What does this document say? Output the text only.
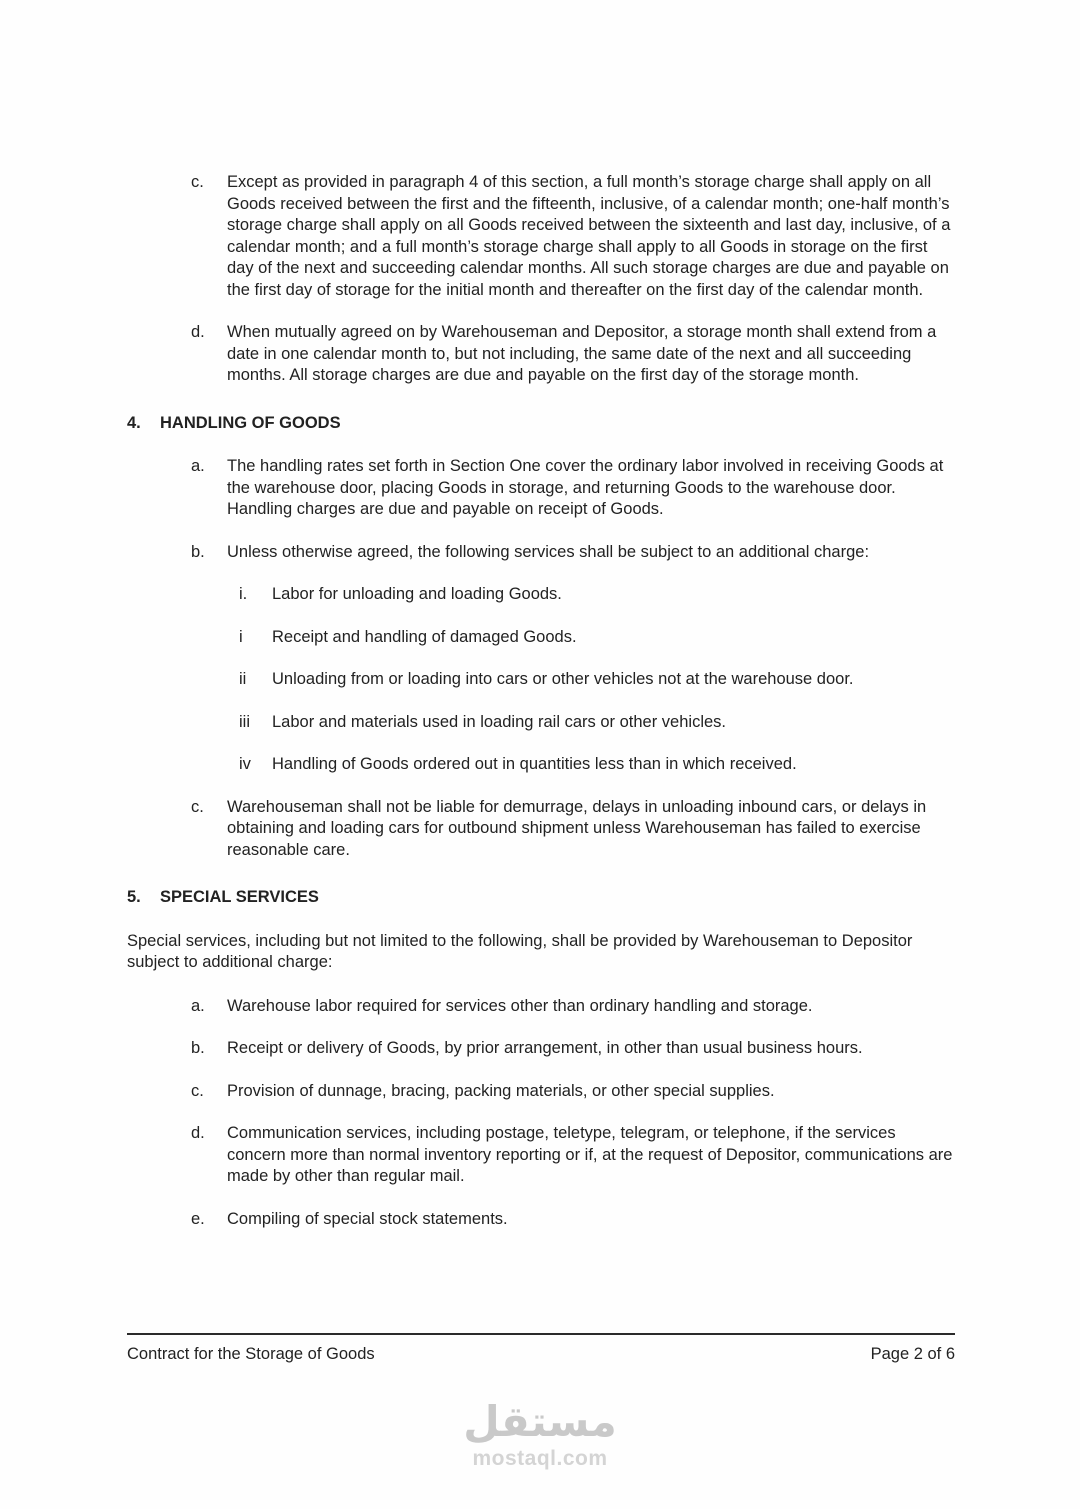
c.	Except as provided in paragraph 4 of this section, a full month’s storage charge shall apply on all Goods received between the first and the fifteenth, inclusive, of a calendar month; one-half month’s storage charge shall apply on all Goods received between the sixteenth and last day, inclusive, of a calendar month; and a full month’s storage charge shall apply to all Goods in storage on the first day of the next and succeeding calendar months. All such storage charges are due and payable on the first day of storage for the initial month and thereafter on the first day of the calendar month.
d.	When mutually agreed on by Warehouseman and Depositor, a storage month shall extend from a date in one calendar month to, but not including, the same date of the next and all succeeding months. All storage charges are due and payable on the first day of the storage month.
4.	HANDLING OF GOODS
a.	The handling rates set forth in Section One cover the ordinary labor involved in receiving Goods at the warehouse door, placing Goods in storage, and returning Goods to the warehouse door. Handling charges are due and payable on receipt of Goods.
b.	Unless otherwise agreed, the following services shall be subject to an additional charge:
i.	Labor for unloading and loading Goods.
i	Receipt and handling of damaged Goods.
ii	Unloading from or loading into cars or other vehicles not at the warehouse door.
iii	Labor and materials used in loading rail cars or other vehicles.
iv	Handling of Goods ordered out in quantities less than in which received.
c.	Warehouseman shall not be liable for demurrage, delays in unloading inbound cars, or delays in obtaining and loading cars for outbound shipment unless Warehouseman has failed to exercise reasonable care.
5.	SPECIAL SERVICES
Special services, including but not limited to the following, shall be provided by Warehouseman to Depositor subject to additional charge:
a.	Warehouse labor required for services other than ordinary handling and storage.
b.	Receipt or delivery of Goods, by prior arrangement, in other than usual business hours.
c.	Provision of dunnage, bracing, packing materials, or other special supplies.
d.	Communication services, including postage, teletype, telegram, or telephone, if the services concern more than normal inventory reporting or if, at the request of Depositor, communications are made by other than regular mail.
e.	Compiling of special stock statements.
Contract for the Storage of Goods	Page 2 of 6
مستقل
mostaql.com
